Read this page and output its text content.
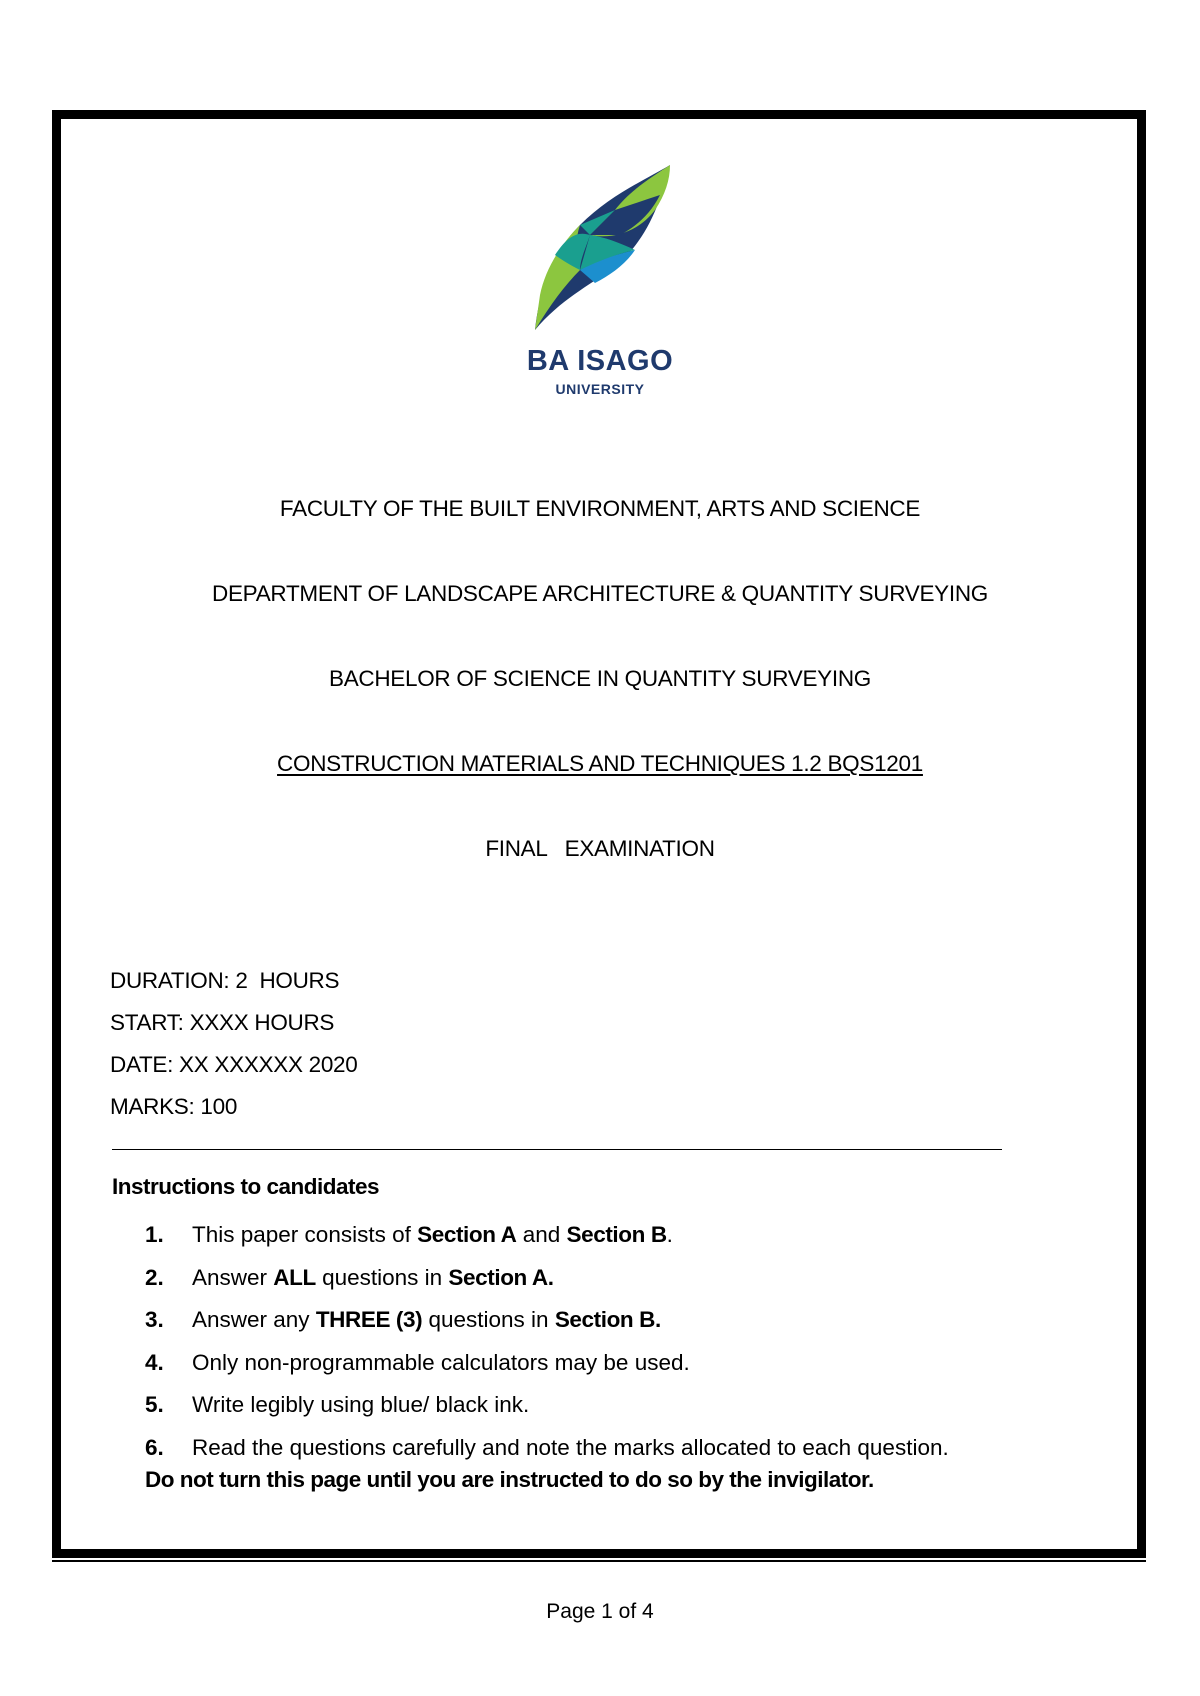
BA ISAGO
UNIVERSITY
FACULTY OF THE BUILT ENVIRONMENT, ARTS AND SCIENCE
DEPARTMENT OF LANDSCAPE ARCHITECTURE & QUANTITY SURVEYING
BACHELOR OF SCIENCE IN QUANTITY SURVEYING
CONSTRUCTION MATERIALS AND TECHNIQUES 1.2 BQS1201
FINAL   EXAMINATION
DURATION: 2  HOURS
START: XXXX HOURS
DATE: XX XXXXXX 2020
MARKS: 100
Instructions to candidates
1. This paper consists of Section A and Section B.
2. Answer ALL questions in Section A.
3. Answer any THREE (3) questions in Section B.
4. Only non-programmable calculators may be used.
5. Write legibly using blue/ black ink.
6. Read the questions carefully and note the marks allocated to each question.
Do not turn this page until you are instructed to do so by the invigilator.
Page 1 of 4
